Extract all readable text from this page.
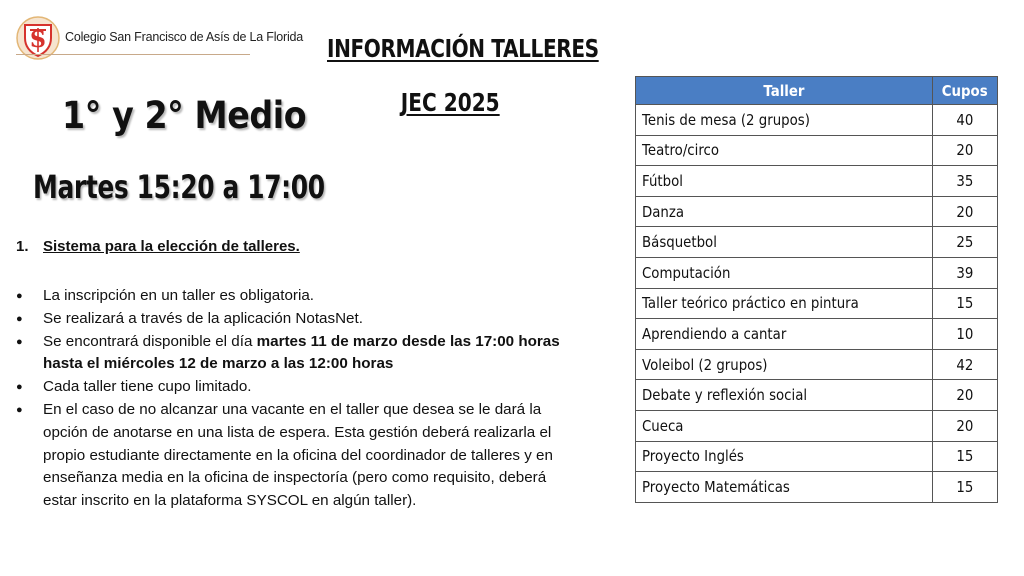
S Colegio San Francisco de Asís de La Florida INFORMACIÓN TALLERES
JEC 2025
1° y 2° Medio
Martes 15:20 a 17:00
1. Sistema para la elección de talleres.
● La inscripción en un taller es obligatoria.
● Se realizará a través de la aplicación NotasNet.
● Se encontrará disponible el día martes 11 de marzo desde las 17:00 horas hasta el miércoles 12 de marzo a las 12:00 horas
● Cada taller tiene cupo limitado.
● En el caso de no alcanzar una vacante en el taller que desea se le dará la opción de anotarse en una lista de espera. Esta gestión deberá realizarla el propio estudiante directamente en la oficina del coordinador de talleres y en enseñanza media en la oficina de inspectoría (pero como requisito, deberá estar inscrito en la plataforma SYSCOL en algún taller).
Taller	Cupos
Tenis de mesa (2 grupos)	40
Teatro/circo	20
Fútbol	35
Danza	20
Básquetbol	25
Computación	39
Taller teórico práctico en pintura	15
Aprendiendo a cantar	10
Voleibol (2 grupos)	42
Debate y reflexión social	20
Cueca	20
Proyecto Inglés	15
Proyecto Matemáticas	15
